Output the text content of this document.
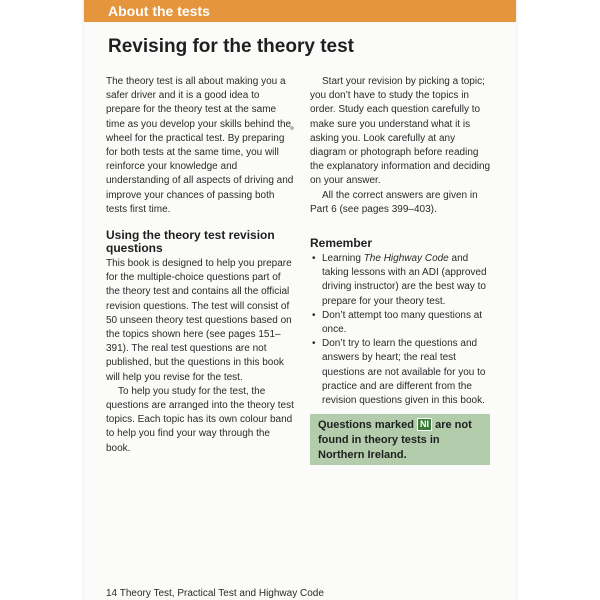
About the tests
Revising for the theory test

The theory test is all about making you a safer driver and it is a good idea to prepare for the theory test at the same time as you develop your skills behind the wheel for the practical test. By preparing for both tests at the same time, you will reinforce your knowledge and understanding of all aspects of driving and improve your chances of passing both tests first time.

Using the theory test revision questions

This book is designed to help you prepare for the multiple-choice questions part of the theory test and contains all the official revision questions. The test will consist of 50 unseen theory test questions based on the topics shown here (see pages 151–391). The real test questions are not published, but the questions in this book will help you revise for the test.

To help you study for the test, the questions are arranged into the theory test topics. Each topic has its own colour band to help you find your way through the book.

Start your revision by picking a topic; you don’t have to study the topics in order. Study each question carefully to make sure you understand what it is asking you. Look carefully at any diagram or photograph before reading the explanatory information and deciding on your answer.

All the correct answers are given in Part 6 (see pages 399–403).

Remember
• Learning The Highway Code and taking lessons with an ADI (approved driving instructor) are the best way to prepare for your theory test.
• Don’t attempt too many questions at once.
• Don’t try to learn the questions and answers by heart; the real test questions are not available for you to practice and are different from the revision questions given in this book.
Questions marked NI are not found in theory tests in Northern Ireland.
14 Theory Test, Practical Test and Highway Code
